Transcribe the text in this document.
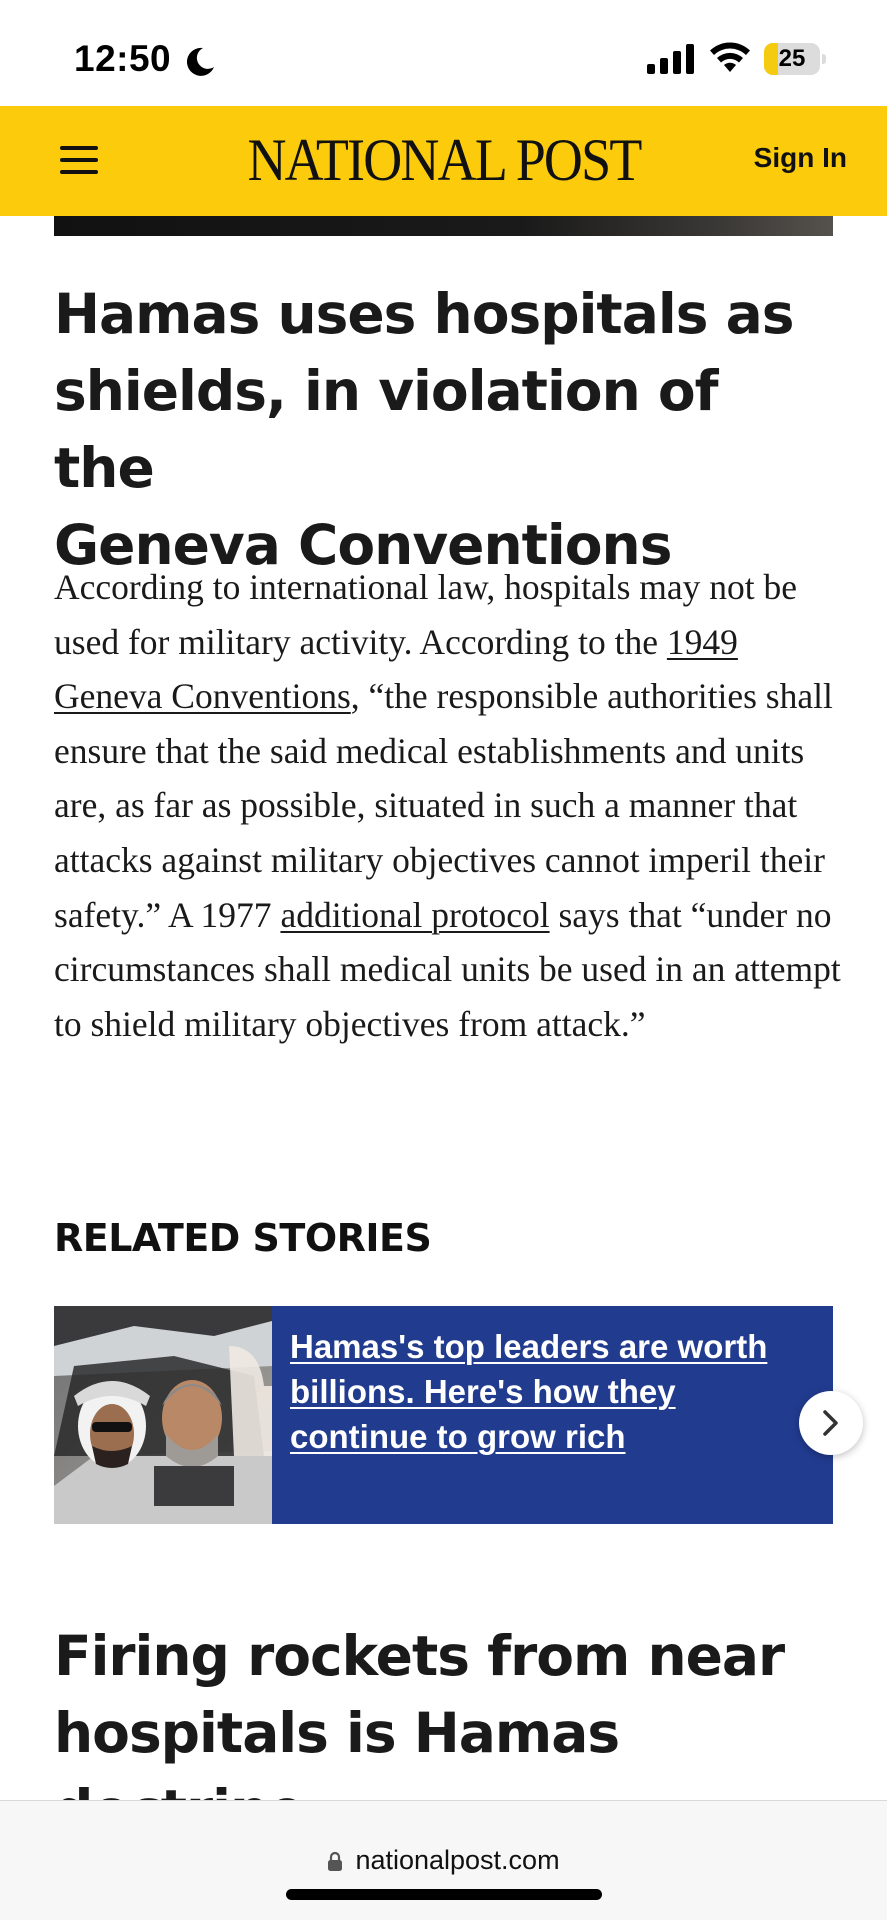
12:50	25
NATIONAL POST	Sign In
Hamas uses hospitals as
shields, in violation of the
Geneva Conventions

According to international law, hospitals may not be used for military activity. According to the 1949 Geneva Conventions, “the responsible authorities shall ensure that the said medical establishments and units are, as far as possible, situated in such a manner that attacks against military objectives cannot imperil their safety.” A 1977 additional protocol says that “under no circumstances shall medical units be used in an attempt to shield military objectives from attack.”

RELATED STORIES
Hamas's top leaders are worth billions. Here's how they continue to grow rich
Firing rockets from near
hospitals is Hamas
nationalpost.com
